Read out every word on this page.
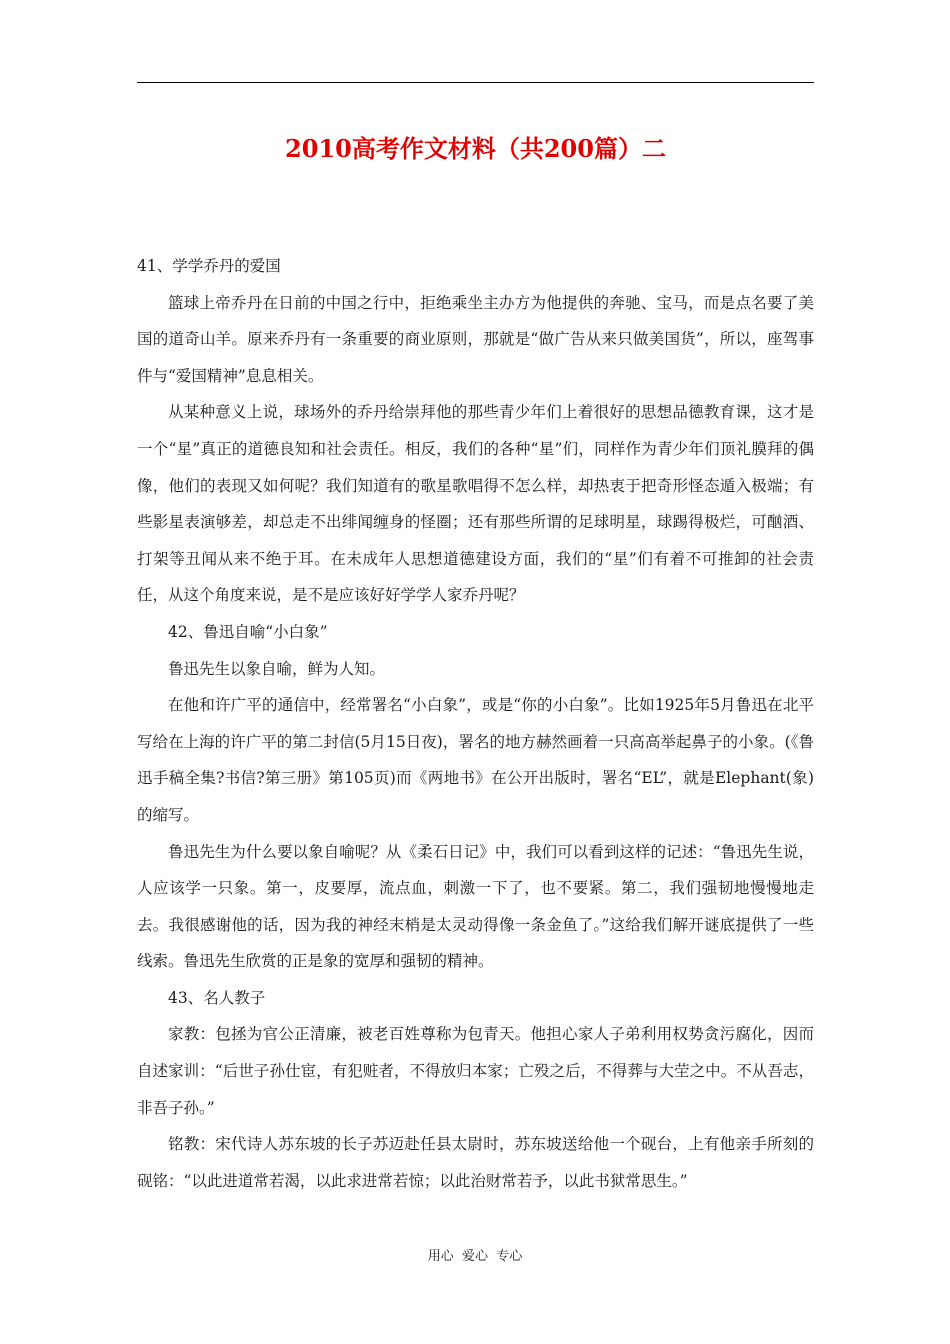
2010高考作文材料（共200篇）二

41、学学乔丹的爱国

篮球上帝乔丹在日前的中国之行中，拒绝乘坐主办方为他提供的奔驰、宝马，而是点名要了美国的道奇山羊。原来乔丹有一条重要的商业原则，那就是“做广告从来只做美国货”，所以，座驾事件与“爱国精神”息息相关。

从某种意义上说，球场外的乔丹给崇拜他的那些青少年们上着很好的思想品德教育课，这才是一个“星”真正的道德良知和社会责任。相反，我们的各种“星”们，同样作为青少年们顶礼膜拜的偶像，他们的表现又如何呢？我们知道有的歌星歌唱得不怎么样，却热衷于把奇形怪态遁入极端；有些影星表演够差，却总走不出绯闻缠身的怪圈；还有那些所谓的足球明星，球踢得极烂，可酗酒、打架等丑闻从来不绝于耳。在未成年人思想道德建设方面，我们的“星”们有着不可推卸的社会责任，从这个角度来说，是不是应该好好学学人家乔丹呢？

42、鲁迅自喻“小白象”

鲁迅先生以象自喻，鲜为人知。

在他和许广平的通信中，经常署名“小白象”，或是“你的小白象”。比如1925年5月鲁迅在北平写给在上海的许广平的第二封信(5月15日夜)，署名的地方赫然画着一只高高举起鼻子的小象。(《鲁迅手稿全集?书信?第三册》第105页)而《两地书》在公开出版时，署名“EL”，就是Elephant(象)的缩写。

鲁迅先生为什么要以象自喻呢？从《柔石日记》中，我们可以看到这样的记述：“鲁迅先生说，人应该学一只象。第一，皮要厚，流点血，刺激一下了，也不要紧。第二，我们强韧地慢慢地走去。我很感谢他的话，因为我的神经末梢是太灵动得像一条金鱼了。”这给我们解开谜底提供了一些线索。鲁迅先生欣赏的正是象的宽厚和强韧的精神。

43、名人教子

家教：包拯为官公正清廉，被老百姓尊称为包青天。他担心家人子弟利用权势贪污腐化，因而自述家训：“后世子孙仕宦，有犯赃者，不得放归本家；亡殁之后，不得葬与大茔之中。不从吾志，非吾子孙。”

铭教：宋代诗人苏东坡的长子苏迈赴任县太尉时，苏东坡送给他一个砚台，上有他亲手所刻的砚铭：“以此进道常若渴，以此求进常若惊；以此治财常若予，以此书狱常思生。”

用心  爱心  专心
